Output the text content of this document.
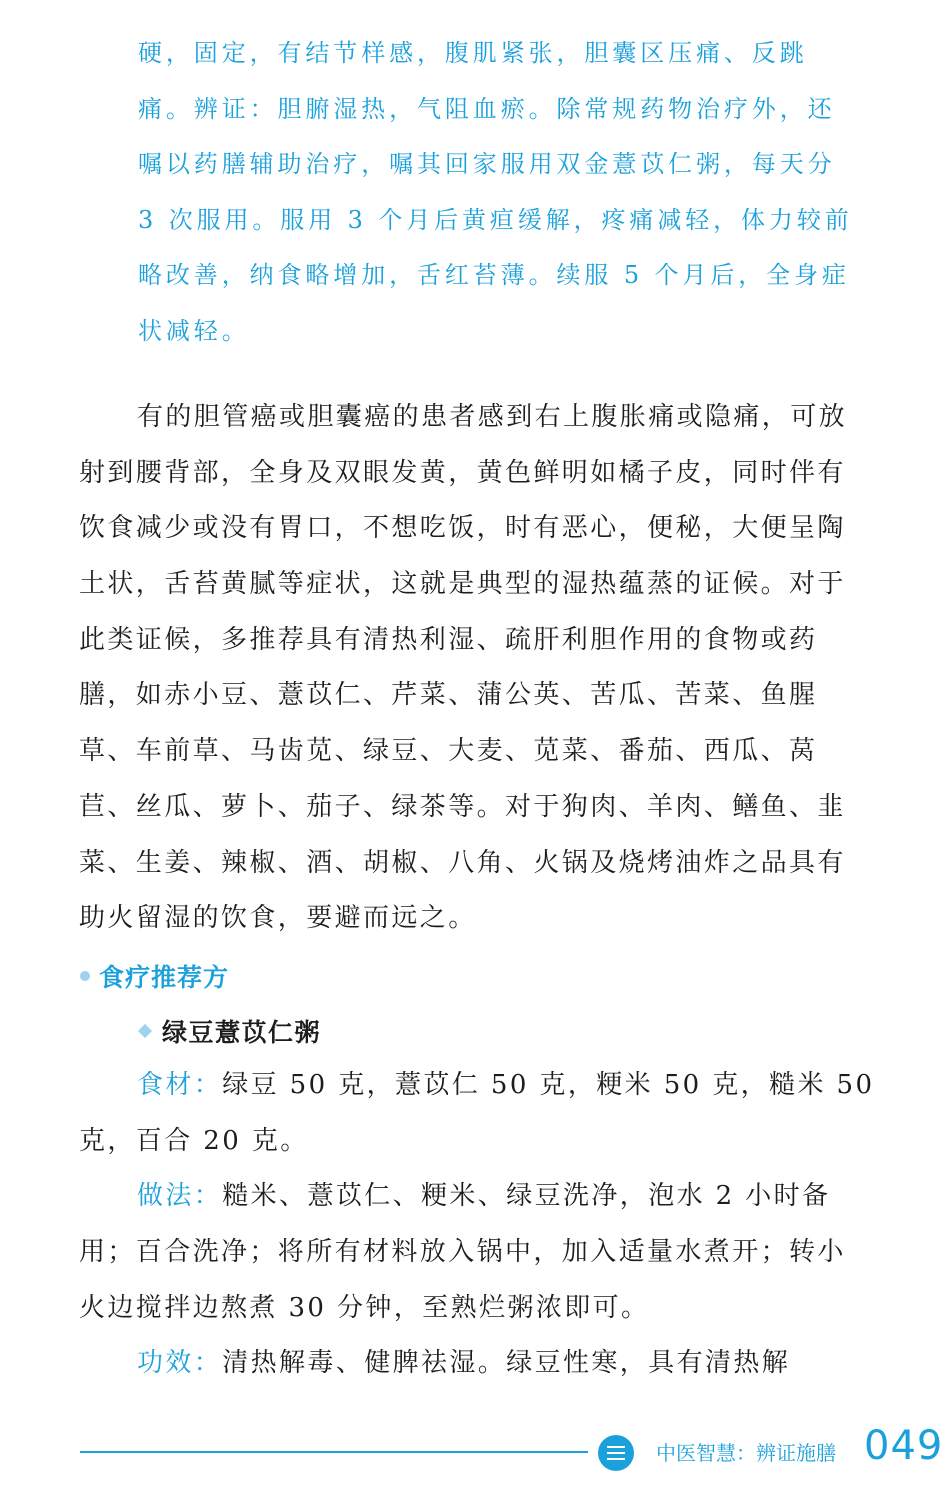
硬，固定，有结节样感，腹肌紧张，胆囊区压痛、反跳
痛。辨证：胆腑湿热，气阻血瘀。除常规药物治疗外，还
嘱以药膳辅助治疗，嘱其回家服用双金薏苡仁粥，每天分
3 次服用。服用 3 个月后黄疸缓解，疼痛减轻，体力较前
略改善，纳食略增加，舌红苔薄。续服 5 个月后，全身症
状减轻。
有的胆管癌或胆囊癌的患者感到右上腹胀痛或隐痛，可放
射到腰背部，全身及双眼发黄，黄色鲜明如橘子皮，同时伴有
饮食减少或没有胃口，不想吃饭，时有恶心，便秘，大便呈陶
土状，舌苔黄腻等症状，这就是典型的湿热蕴蒸的证候。对于
此类证候，多推荐具有清热利湿、疏肝利胆作用的食物或药
膳，如赤小豆、薏苡仁、芹菜、蒲公英、苦瓜、苦菜、鱼腥
草、车前草、马齿苋、绿豆、大麦、苋菜、番茄、西瓜、莴
苣、丝瓜、萝卜、茄子、绿茶等。对于狗肉、羊肉、鳝鱼、韭
菜、生姜、辣椒、酒、胡椒、八角、火锅及烧烤油炸之品具有
助火留湿的饮食，要避而远之。
食疗推荐方
绿豆薏苡仁粥
食材：绿豆 50 克，薏苡仁 50 克，粳米 50 克，糙米 50
克，百合 20 克。
做法：糙米、薏苡仁、粳米、绿豆洗净，泡水 2 小时备
用；百合洗净；将所有材料放入锅中，加入适量水煮开；转小
火边搅拌边熬煮 30 分钟，至熟烂粥浓即可。
功效：清热解毒、健脾祛湿。绿豆性寒，具有清热解
中医智慧：辨证施膳 049
